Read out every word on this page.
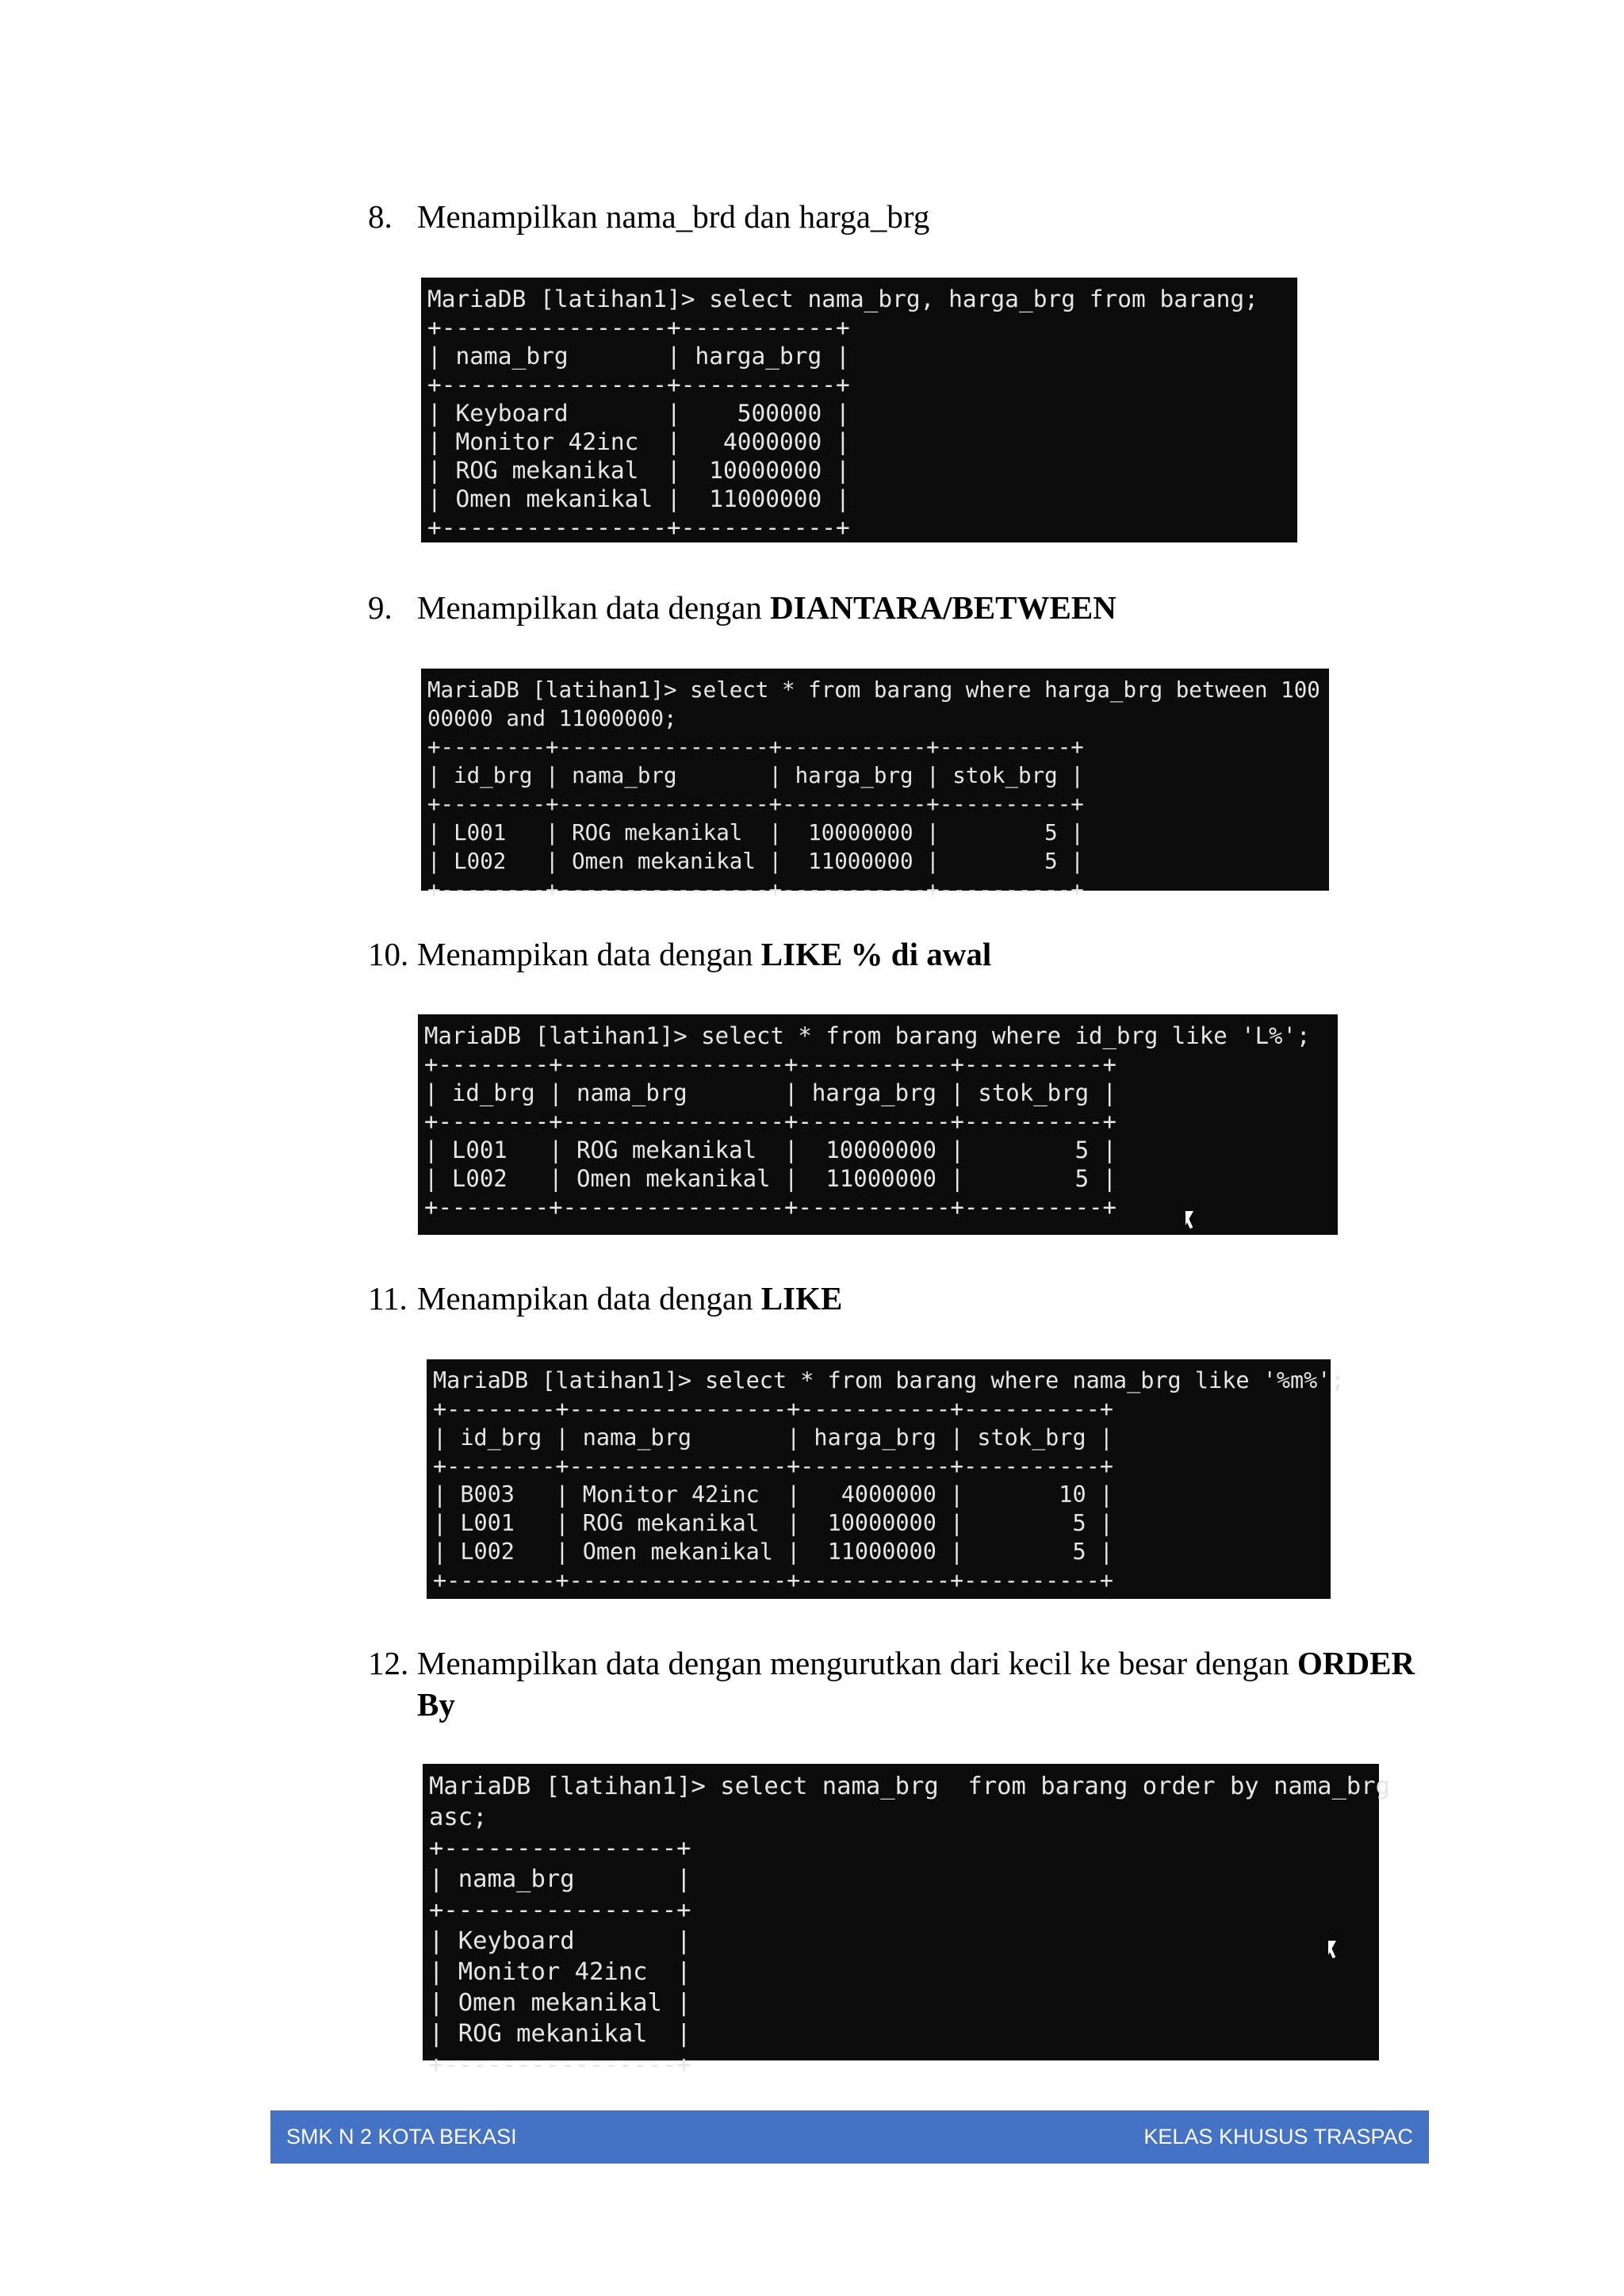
8. Menampilkan nama_brd dan harga_brg
MariaDB [latihan1]> select nama_brg, harga_brg from barang;
+----------------+-----------+
| nama_brg       | harga_brg |
+----------------+-----------+
| Keyboard       |    500000 |
| Monitor 42inc  |   4000000 |
| ROG mekanikal  |  10000000 |
| Omen mekanikal |  11000000 |
+----------------+-----------+
9. Menampilkan data dengan DIANTARA/BETWEEN
MariaDB [latihan1]> select * from barang where harga_brg between 100
00000 and 11000000;
+--------+----------------+-----------+----------+
| id_brg | nama_brg       | harga_brg | stok_brg |
+--------+----------------+-----------+----------+
| L001   | ROG mekanikal  |  10000000 |        5 |
| L002   | Omen mekanikal |  11000000 |        5 |
+--------+----------------+-----------+----------+
10. Menampikan data dengan LIKE % di awal
MariaDB [latihan1]> select * from barang where id_brg like 'L%';
+--------+----------------+-----------+----------+
| id_brg | nama_brg       | harga_brg | stok_brg |
+--------+----------------+-----------+----------+
| L001   | ROG mekanikal  |  10000000 |        5 |
| L002   | Omen mekanikal |  11000000 |        5 |
+--------+----------------+-----------+----------+
11. Menampikan data dengan LIKE
MariaDB [latihan1]> select * from barang where nama_brg like '%m%';
+--------+----------------+-----------+----------+
| id_brg | nama_brg       | harga_brg | stok_brg |
+--------+----------------+-----------+----------+
| B003   | Monitor 42inc  |   4000000 |       10 |
| L001   | ROG mekanikal  |  10000000 |        5 |
| L002   | Omen mekanikal |  11000000 |        5 |
+--------+----------------+-----------+----------+
12. Menampilkan data dengan mengurutkan dari kecil ke besar dengan ORDER
By
MariaDB [latihan1]> select nama_brg  from barang order by nama_brg
asc;
+----------------+
| nama_brg       |
+----------------+
| Keyboard       |
| Monitor 42inc  |
| Omen mekanikal |
| ROG mekanikal  |
+----------------+
SMK N 2 KOTA BEKASI	KELAS KHUSUS TRASPAC
